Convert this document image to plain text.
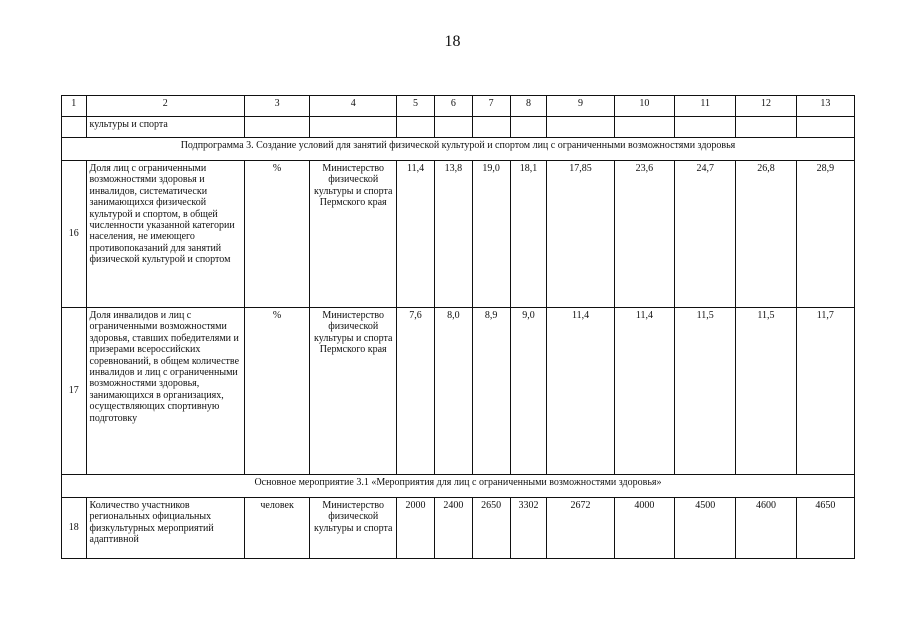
18
1	2	3	4	5	6	7	8	9	10	11	12	13
	культуры и спорта											
Подпрограмма 3. Создание условий для занятий физической культурой и спортом лиц с ограниченными возможностями здоровья												
16	Доля лиц с ограниченными возможностями здоровья и инвалидов, систематически занимающихся физической культурой и спортом, в общей численности указанной категории населения, не имеющего противопоказаний для занятий физической культурой и спортом	%	Министерство физической культуры и спорта Пермского края	11,4	13,8	19,0	18,1	17,85	23,6	24,7	26,8	28,9
17	Доля инвалидов и лиц с ограниченными возможностями здоровья, ставших победителями и призерами всероссийских соревнований, в общем количестве инвалидов и лиц с ограниченными возможностями здоровья, занимающихся в организациях, осуществляющих спортивную подготовку	%	Министерство физической культуры и спорта Пермского края	7,6	8,0	8,9	9,0	11,4	11,4	11,5	11,5	11,7
Основное мероприятие 3.1 «Мероприятия для лиц с ограниченными возможностями здоровья»												
18	Количество участников региональных официальных физкультурных мероприятий адаптивной	человек	Министерство физической культуры и спорта	2000	2400	2650	3302	2672	4000	4500	4600	4650
